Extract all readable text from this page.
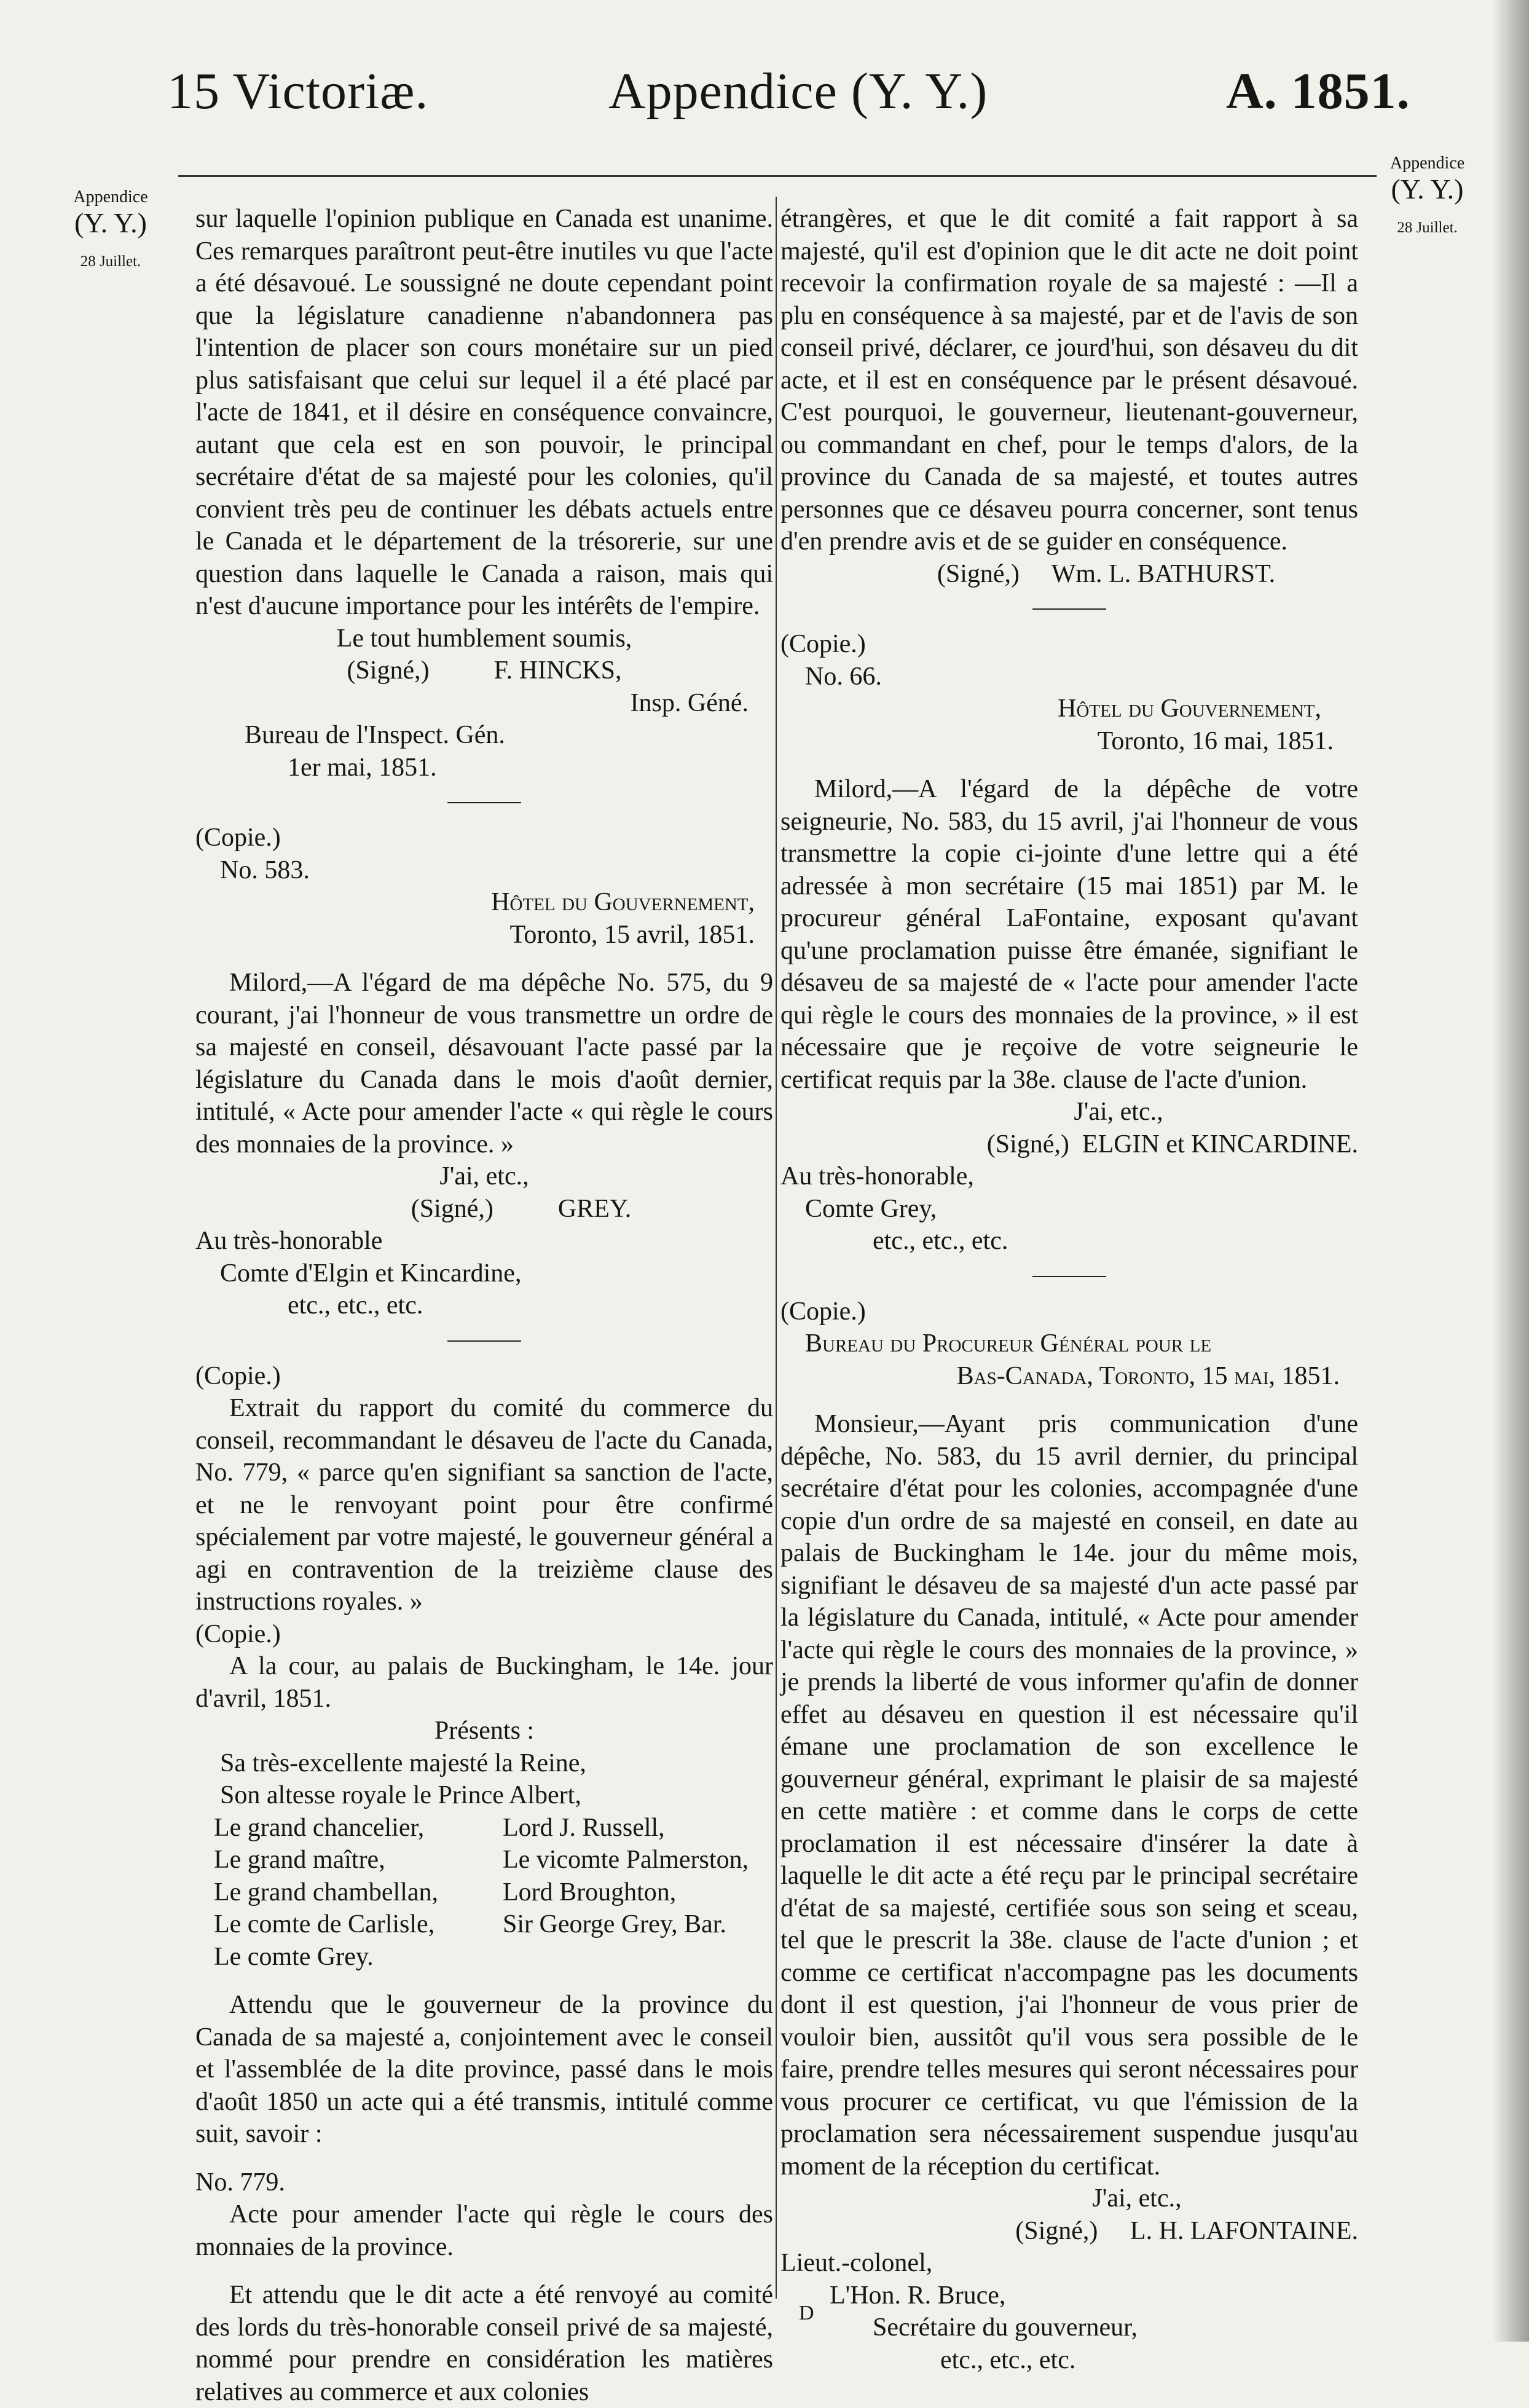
15 Victoriæ.	Appendice (Y. Y.)	A. 1851.
Appendice
(Y. Y.)
28 Juillet.
Appendice
(Y. Y.)
28 Juillet.

sur laquelle l'opinion publique en Canada est unanime. Ces remarques paraîtront peut-être inutiles vu que l'acte a été désavoué. Le soussigné ne doute cependant point que la législature canadienne n'abandonnera pas l'intention de placer son cours monétaire sur un pied plus satisfaisant que celui sur lequel il a été placé par l'acte de 1841, et il désire en conséquence convaincre, autant que cela est en son pouvoir, le principal secrétaire d'état de sa majesté pour les colonies, qu'il convient très peu de continuer les débats actuels entre le Canada et le département de la trésorerie, sur une question dans laquelle le Canada a raison, mais qui n'est d'aucune importance pour les intérêts de l'empire.

Le tout humblement soumis,

(Signé,)          F. HINCKS,

Insp. Géné.

Bureau de l'Inspect. Gén.

1er mai, 1851.

(Copie.)

No. 583.

Hôtel du Gouvernement,

Toronto, 15 avril, 1851.

Milord,—A l'égard de ma dépêche No. 575, du 9 courant, j'ai l'honneur de vous transmettre un ordre de sa majesté en conseil, désavouant l'acte passé par la législature du Canada dans le mois d'août dernier, intitulé, « Acte pour amender l'acte « qui règle le cours des monnaies de la province. »

J'ai, etc.,

(Signé,)          GREY.

Au très-honorable

Comte d'Elgin et Kincardine,

etc., etc., etc.

(Copie.)

Extrait du rapport du comité du commerce du conseil, recommandant le désaveu de l'acte du Canada, No. 779, « parce qu'en signifiant sa sanction de l'acte, et ne le renvoyant point pour être confirmé spécialement par votre majesté, le gouverneur général a agi en contravention de la treizième clause des instructions royales. »

(Copie.)

A la cour, au palais de Buckingham, le 14e. jour d'avril, 1851.

Présents :

Sa très-excellente majesté la Reine,

Son altesse royale le Prince Albert,

Le grand chancelier,
Le grand maître,
Le grand chambellan,
Le comte de Carlisle,
Le comte Grey.
Lord J. Russell,
Le vicomte Palmerston,
Lord Broughton,
Sir George Grey, Bar.

Attendu que le gouverneur de la province du Canada de sa majesté a, conjointement avec le conseil et l'assemblée de la dite province, passé dans le mois d'août 1850 un acte qui a été transmis, intitulé comme suit, savoir :

No. 779.

Acte pour amender l'acte qui règle le cours des monnaies de la province.

Et attendu que le dit acte a été renvoyé au comité des lords du très-honorable conseil privé de sa majesté, nommé pour prendre en considération les matières relatives au commerce et aux colonies

étrangères, et que le dit comité a fait rapport à sa majesté, qu'il est d'opinion que le dit acte ne doit point recevoir la confirmation royale de sa majesté : —Il a plu en conséquence à sa majesté, par et de l'avis de son conseil privé, déclarer, ce jourd'hui, son désaveu du dit acte, et il est en conséquence par le présent désavoué. C'est pourquoi, le gouverneur, lieutenant-gouverneur, ou commandant en chef, pour le temps d'alors, de la province du Canada de sa majesté, et toutes autres personnes que ce désaveu pourra concerner, sont tenus d'en prendre avis et de se guider en conséquence.

(Signé,)     Wm. L. BATHURST.

(Copie.)

No. 66.

Hôtel du Gouvernement,

Toronto, 16 mai, 1851.

Milord,—A l'égard de la dépêche de votre seigneurie, No. 583, du 15 avril, j'ai l'honneur de vous transmettre la copie ci-jointe d'une lettre qui a été adressée à mon secrétaire (15 mai 1851) par M. le procureur général LaFontaine, exposant qu'avant qu'une proclamation puisse être émanée, signifiant le désaveu de sa majesté de « l'acte pour amender l'acte qui règle le cours des monnaies de la province, » il est nécessaire que je reçoive de votre seigneurie le certificat requis par la 38e. clause de l'acte d'union.

J'ai, etc.,

(Signé,)  ELGIN et KINCARDINE.

Au très-honorable,

Comte Grey,

etc., etc., etc.

(Copie.)

Bureau du Procureur Général pour le

Bas-Canada, Toronto, 15 mai, 1851.

Monsieur,—Ayant pris communication d'une dépêche, No. 583, du 15 avril dernier, du principal secrétaire d'état pour les colonies, accompagnée d'une copie d'un ordre de sa majesté en conseil, en date au palais de Buckingham le 14e. jour du même mois, signifiant le désaveu de sa majesté d'un acte passé par la législature du Canada, intitulé, « Acte pour amender l'acte qui règle le cours des monnaies de la province, » je prends la liberté de vous informer qu'afin de donner effet au désaveu en question il est nécessaire qu'il émane une proclamation de son excellence le gouverneur général, exprimant le plaisir de sa majesté en cette matière : et comme dans le corps de cette proclamation il est nécessaire d'insérer la date à laquelle le dit acte a été reçu par le principal secrétaire d'état de sa majesté, certifiée sous son seing et sceau, tel que le prescrit la 38e. clause de l'acte d'union ; et comme ce certificat n'accompagne pas les documents dont il est question, j'ai l'honneur de vous prier de vouloir bien, aussitôt qu'il vous sera possible de le faire, prendre telles mesures qui seront nécessaires pour vous procurer ce certificat, vu que l'émission de la proclamation sera nécessairement suspendue jusqu'au moment de la réception du certificat.

J'ai, etc.,

(Signé,)     L. H. LAFONTAINE.

Lieut.-colonel,

L'Hon. R. Bruce,

Secrétaire du gouverneur,

etc., etc., etc.

D
